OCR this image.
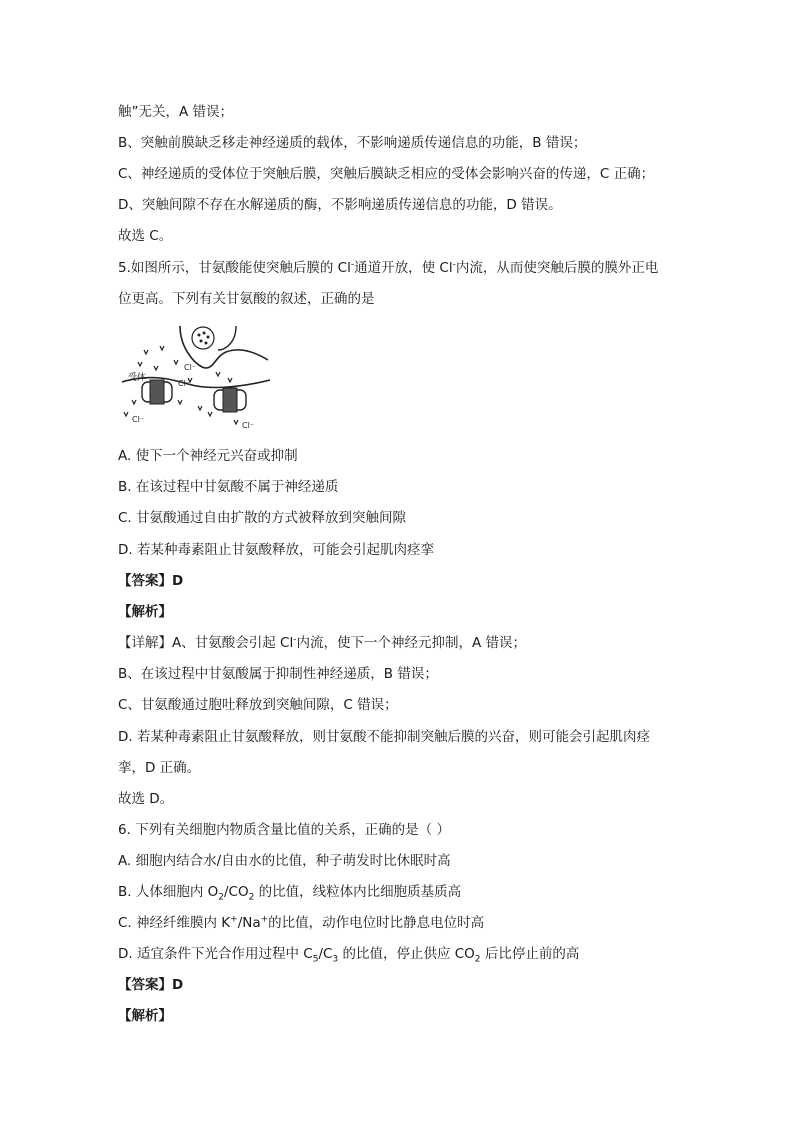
触”无关，A 错误；
B、突触前膜缺乏移走神经递质的载体，不影响递质传递信息的功能，B 错误；
C、神经递质的受体位于突触后膜，突触后膜缺乏相应的受体会影响兴奋的传递，C 正确；
D、突触间隙不存在水解递质的酶，不影响递质传递信息的功能，D 错误。
故选 C。
5.如图所示，甘氨酸能使突触后膜的 Cl-通道开放，使 Cl-内流，从而使突触后膜的膜外正电
位更高。下列有关甘氨酸的叙述，正确的是
受体
Cl⁻
Cl⁻
Cl⁻
Cl⁻
A. 使下一个神经元兴奋或抑制
B. 在该过程中甘氨酸不属于神经递质
C. 甘氨酸通过自由扩散的方式被释放到突触间隙
D. 若某种毒素阻止甘氨酸释放，可能会引起肌肉痉挛
【答案】D
【解析】
【详解】A、甘氨酸会引起 Cl-内流，使下一个神经元抑制，A 错误；
B、在该过程中甘氨酸属于抑制性神经递质，B 错误；
C、甘氨酸通过胞吐释放到突触间隙，C 错误；
D. 若某种毒素阻止甘氨酸释放，则甘氨酸不能抑制突触后膜的兴奋，则可能会引起肌肉痉
挛，D 正确。
故选 D。
6. 下列有关细胞内物质含量比值的关系，正确的是（ ）
A. 细胞内结合水/自由水的比值，种子萌发时比休眠时高
B. 人体细胞内 $O_2/CO_2$ 的比值，线粒体内比细胞质基质高
C. 神经纤维膜内 K+/Na+的比值，动作电位时比静息电位时高
D. 适宜条件下光合作用过程中 $C_5/C_3$ 的比值，停止供应 $CO_2$ 后比停止前的高
【答案】D
【解析】
